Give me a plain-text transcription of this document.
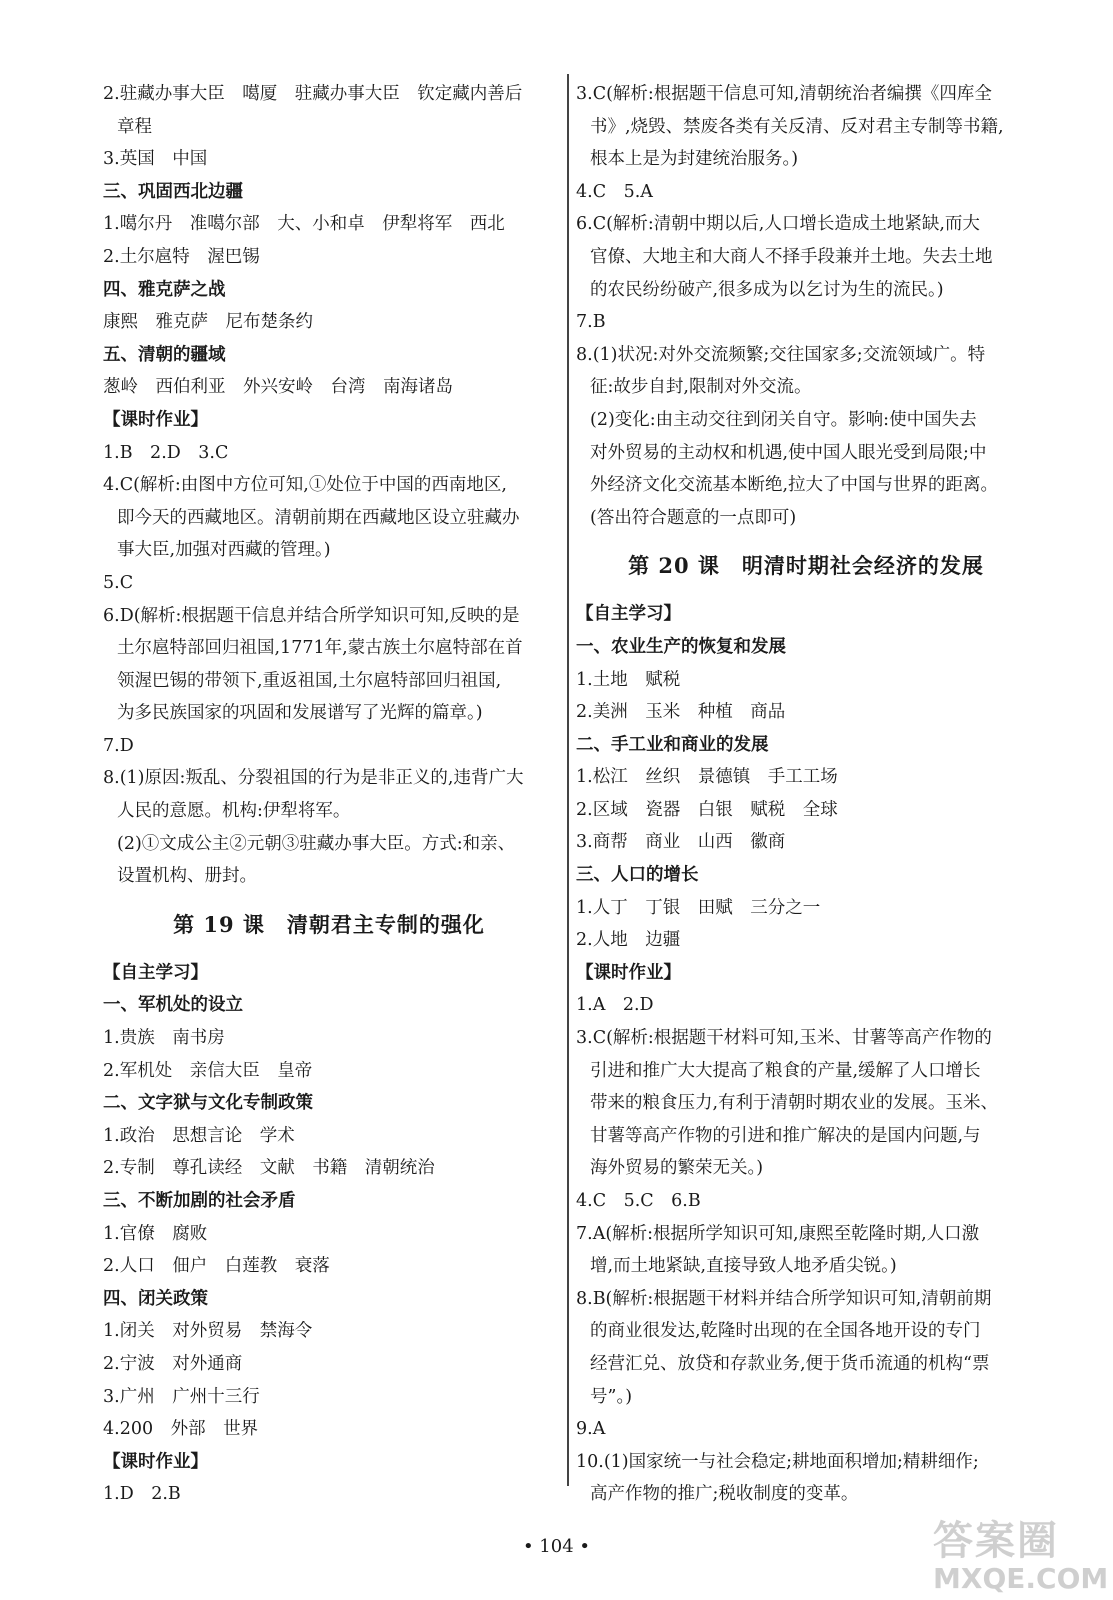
2.驻藏办事大臣　噶厦　驻藏办事大臣　钦定藏内善后
章程
3.英国　中国
三、巩固西北边疆
1.噶尔丹　准噶尔部　大、小和卓　伊犁将军　西北
2.土尔扈特　渥巴锡
四、雅克萨之战
康熙　雅克萨　尼布楚条约
五、清朝的疆域
葱岭　西伯利亚　外兴安岭　台湾　南海诸岛
【课时作业】
1.B　2.D　3.C
4.C(解析:由图中方位可知,①处位于中国的西南地区,
即今天的西藏地区。清朝前期在西藏地区设立驻藏办
事大臣,加强对西藏的管理。)
5.C
6.D(解析:根据题干信息并结合所学知识可知,反映的是
土尔扈特部回归祖国,1771年,蒙古族土尔扈特部在首
领渥巴锡的带领下,重返祖国,土尔扈特部回归祖国,
为多民族国家的巩固和发展谱写了光辉的篇章。)
7.D
8.(1)原因:叛乱、分裂祖国的行为是非正义的,违背广大
人民的意愿。机构:伊犁将军。
(2)①文成公主②元朝③驻藏办事大臣。方式:和亲、
设置机构、册封。
第 19 课　清朝君主专制的强化
【自主学习】
一、军机处的设立
1.贵族　南书房
2.军机处　亲信大臣　皇帝
二、文字狱与文化专制政策
1.政治　思想言论　学术
2.专制　尊孔读经　文献　书籍　清朝统治
三、不断加剧的社会矛盾
1.官僚　腐败
2.人口　佃户　白莲教　衰落
四、闭关政策
1.闭关　对外贸易　禁海令
2.宁波　对外通商
3.广州　广州十三行
4.200　外部　世界
【课时作业】
1.D　2.B
3.C(解析:根据题干信息可知,清朝统治者编撰《四库全
书》,烧毁、禁废各类有关反清、反对君主专制等书籍,
根本上是为封建统治服务。)
4.C　5.A
6.C(解析:清朝中期以后,人口增长造成土地紧缺,而大
官僚、大地主和大商人不择手段兼并土地。失去土地
的农民纷纷破产,很多成为以乞讨为生的流民。)
7.B
8.(1)状况:对外交流频繁;交往国家多;交流领域广。特
征:故步自封,限制对外交流。
(2)变化:由主动交往到闭关自守。影响:使中国失去
对外贸易的主动权和机遇,使中国人眼光受到局限;中
外经济文化交流基本断绝,拉大了中国与世界的距离。
(答出符合题意的一点即可)
第 20 课　明清时期社会经济的发展
【自主学习】
一、农业生产的恢复和发展
1.土地　赋税
2.美洲　玉米　种植　商品
二、手工业和商业的发展
1.松江　丝织　景德镇　手工工场
2.区域　瓷器　白银　赋税　全球
3.商帮　商业　山西　徽商
三、人口的增长
1.人丁　丁银　田赋　三分之一
2.人地　边疆
【课时作业】
1.A　2.D
3.C(解析:根据题干材料可知,玉米、甘薯等高产作物的
引进和推广大大提高了粮食的产量,缓解了人口增长
带来的粮食压力,有利于清朝时期农业的发展。玉米、
甘薯等高产作物的引进和推广解决的是国内问题,与
海外贸易的繁荣无关。)
4.C　5.C　6.B
7.A(解析:根据所学知识可知,康熙至乾隆时期,人口激
增,而土地紧缺,直接导致人地矛盾尖锐。)
8.B(解析:根据题干材料并结合所学知识可知,清朝前期
的商业很发达,乾隆时出现的在全国各地开设的专门
经营汇兑、放贷和存款业务,便于货币流通的机构“票
号”。)
9.A
10.(1)国家统一与社会稳定;耕地面积增加;精耕细作;
高产作物的推广;税收制度的变革。
• 104 •	答案圈
MXQE.COM
